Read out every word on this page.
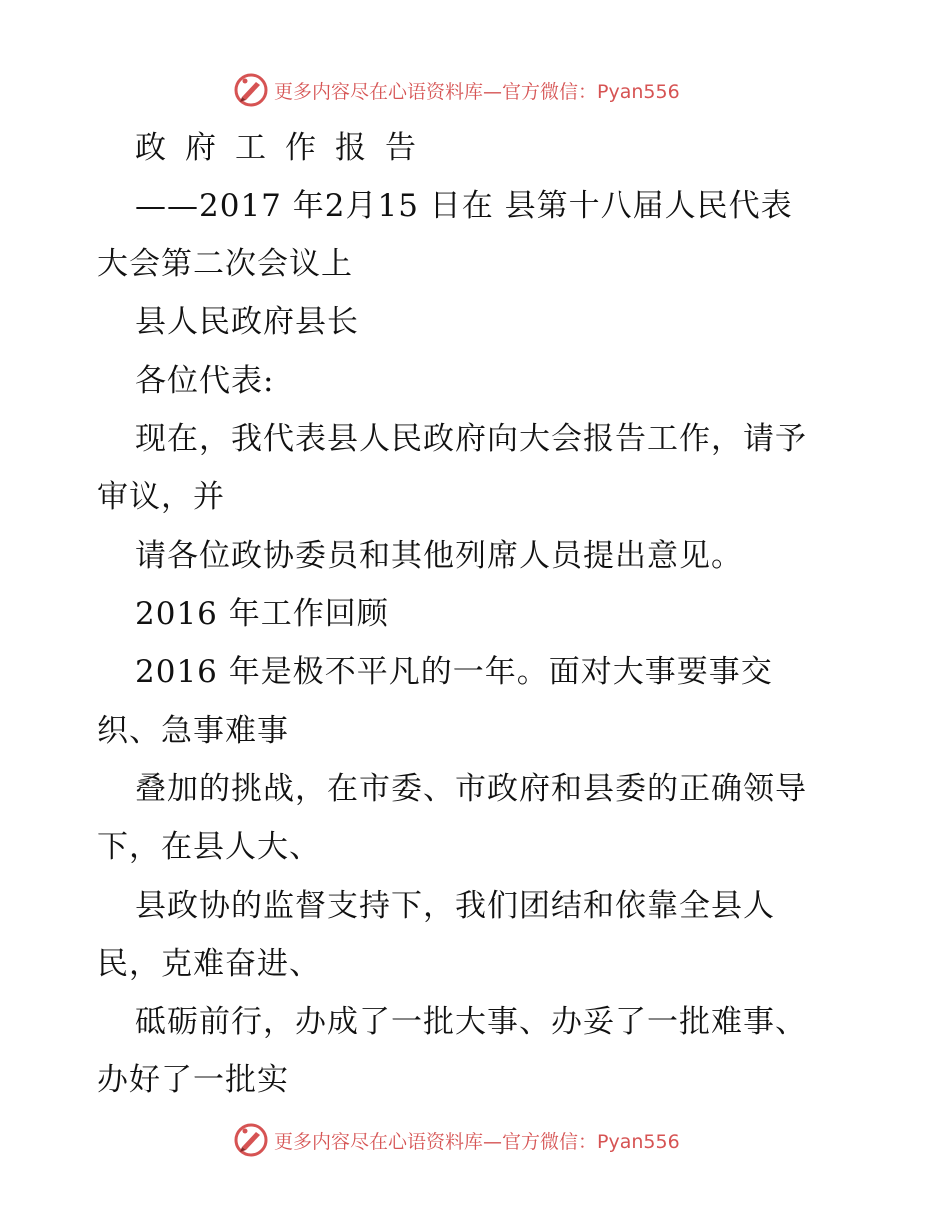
更多内容尽在心语资料库—官方微信：Pyan556
政府工作报告
——2017 年2月15 日在 县第十八届人民代表
大会第二次会议上
县人民政府县长
各位代表:
现在，我代表县人民政府向大会报告工作，请予
审议，并
请各位政协委员和其他列席人员提出意见。
2016 年工作回顾
2016 年是极不平凡的一年。面对大事要事交
织、急事难事
叠加的挑战，在市委、市政府和县委的正确领导
下，在县人大、
县政协的监督支持下，我们团结和依靠全县人
民，克难奋进、
砥砺前行，办成了一批大事、办妥了一批难事、
办好了一批实
更多内容尽在心语资料库—官方微信：Pyan556
